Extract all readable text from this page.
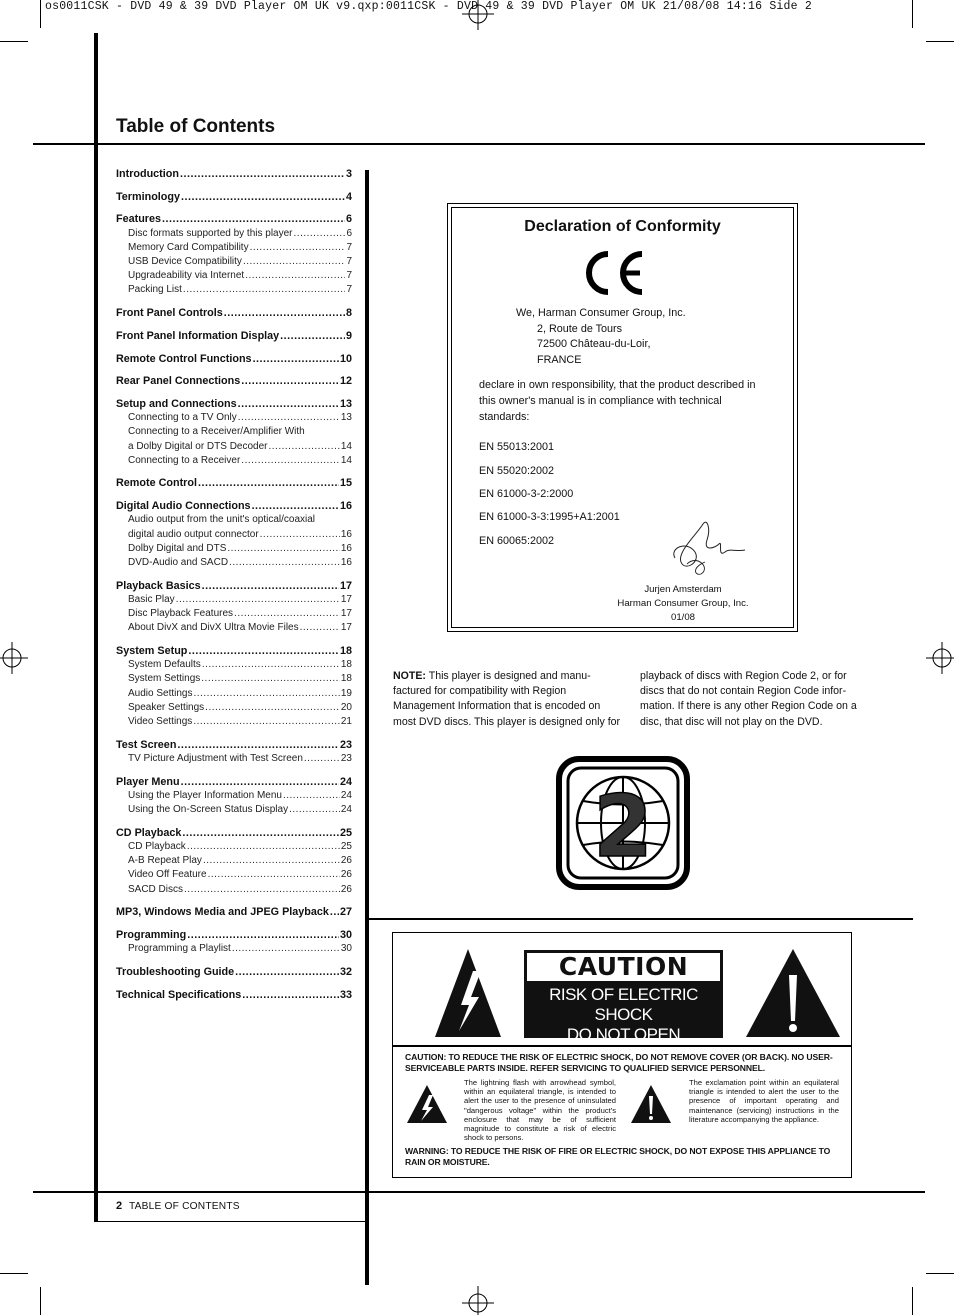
os0011CSK - DVD 49 & 39 DVD Player OM UK v9.qxp:0011CSK - DVD 49 & 39 DVD Player OM UK 21/08/08 14:16 Side 2
Table of Contents
Introduction .....	3
Terminology .....	4
Features .....	6
Disc formats supported by this player .....	6
Memory Card Compatibility .....	7
USB Device Compatibility .....	7
Upgradeability via Internet .....	7
Packing List .....	7
Front Panel Controls .....	8
Front Panel Information Display .....	9
Remote Control Functions .....	10
Rear Panel Connections .....	12
Setup and Connections .....	13
Connecting to a TV Only .....	13
Connecting to a Receiver/Amplifier With
a Dolby Digital or DTS Decoder .....	14
Connecting to a Receiver .....	14
Remote Control .....	15
Digital Audio Connections .....	16
Audio output from the unit's optical/coaxial
digital audio output connector .....	16
Dolby Digital and DTS .....	16
DVD-Audio and SACD .....	16
Playback Basics .....	17
Basic Play .....	17
Disc Playback Features .....	17
About DivX and DivX Ultra Movie Files .....	17
System Setup .....	18
System Defaults .....	18
System Settings .....	18
Audio Settings .....	19
Speaker Settings .....	20
Video Settings .....	21
Test Screen .....	23
TV Picture Adjustment with Test Screen .....	23
Player Menu .....	24
Using the Player Information Menu .....	24
Using the On-Screen Status Display .....	24
CD Playback .....	25
CD Playback .....	25
A-B Repeat Play .....	26
Video Off Feature .....	26
SACD Discs .....	26
MP3, Windows Media and JPEG Playback ..... 27
Programming .....	30
Programming a Playlist .....	30
Troubleshooting Guide .....	32
Technical Specifications .....	33
Declaration of Conformity
We, Harman Consumer Group, Inc.
2, Route de Tours
72500 Château-du-Loir,
FRANCE
declare in own responsibility, that the product described in this owner's manual is in compliance with technical standards:
EN 55013:2001
EN 55020:2002
EN 61000-3-2:2000
EN 61000-3-3:1995+A1:2001
EN 60065:2002
Jurjen Amsterdam
Harman Consumer Group, Inc.
01/08
NOTE: This player is designed and manu-factured for compatibility with Region Management Information that is encoded on most DVD discs. This player is designed only for
playback of discs with Region Code 2, or for discs that do not contain Region Code infor-mation. If there is any other Region Code on a disc, that disc will not play on the DVD.
2
CAUTION
RISK OF ELECTRIC SHOCK
DO NOT OPEN
CAUTION: TO REDUCE THE RISK OF ELECTRIC SHOCK, DO NOT REMOVE COVER (OR BACK). NO USER-SERVICEABLE PARTS INSIDE. REFER SERVICING TO QUALIFIED SERVICE PERSONNEL.
The lightning flash with arrowhead symbol, within an equilateral triangle, is intended to alert the user to the presence of uninsulated "dangerous voltage" within the product's enclosure that may be of sufficient magnitude to constitute a risk of electric shock to persons.
The exclamation point within an equilateral triangle is intended to alert the user to the presence of important operating and maintenance (servicing) instructions in the literature accompanying the appliance.
WARNING: TO REDUCE THE RISK OF FIRE OR ELECTRIC SHOCK, DO NOT EXPOSE THIS APPLIANCE TO RAIN OR MOISTURE.
2 TABLE OF CONTENTS
